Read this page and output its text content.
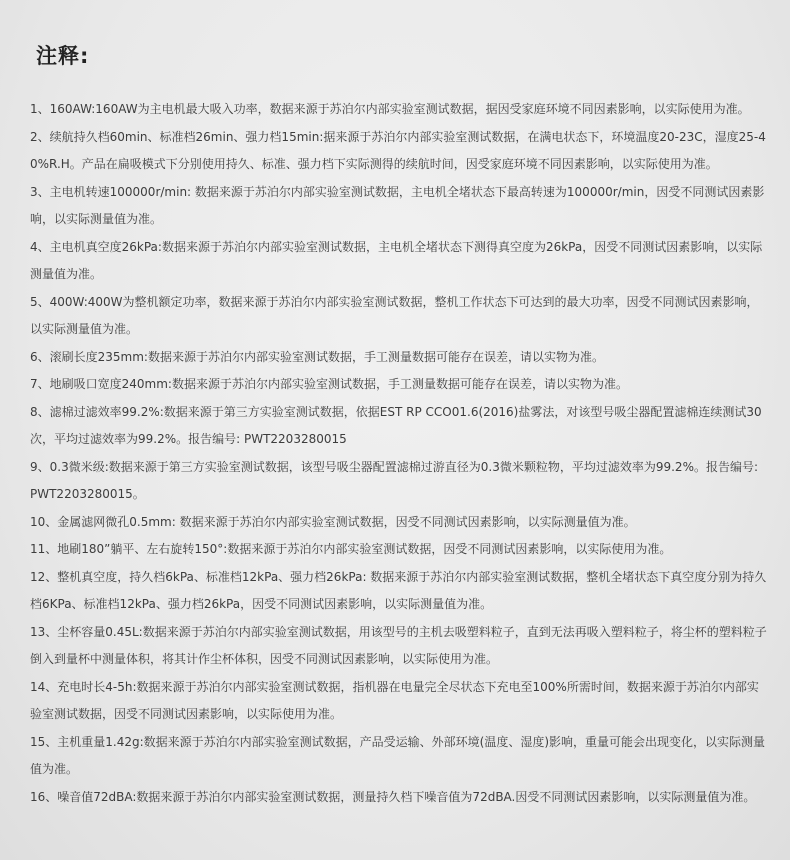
注释:
1、160AW:160AW为主电机最大吸入功率，数据来源于苏泊尔内部实验室测试数据，据因受家庭环境不同因素影响，以实际使用为准。
2、续航持久档60min、标准档26min、强力档15min:据来源于苏泊尔内部实验室测试数据，在满电状态下，环境温度20-23C，湿度25-40%R.H。产品在扁吸模式下分别使用持久、标准、强力档下实际测得的续航时间，因受家庭环境不同因素影响，以实际使用为准。
3、主电机转速100000r/min: 数据来源于苏泊尔内部实验室测试数据，主电机全堵状态下最高转速为100000r/min，因受不同测试因素影响，以实际测量值为准。
4、主电机真空度26kPa:数据来源于苏泊尔内部实验室测试数据，主电机全堵状态下测得真空度为26kPa，因受不同测试因素影响，以实际测量值为准。
5、400W:400W为整机额定功率，数据来源于苏泊尔内部实验室测试数据，整机工作状态下可达到的最大功率，因受不同测试因素影响，以实际测量值为准。
6、滚刷长度235mm:数据来源于苏泊尔内部实验室测试数据，手工测量数据可能存在误差，请以实物为准。
7、地刷吸口宽度240mm:数据来源于苏泊尔内部实验室测试数据，手工测量数据可能存在误差，请以实物为准。
8、滤棉过滤效率99.2%:数据来源于第三方实验室测试数据，依据EST RP CCO01.6(2016)盐雾法，对该型号吸尘器配置滤棉连续测试30次，平均过滤效率为99.2%。报告编号: PWT2203280015
9、0.3微米级:数据来源于第三方实验室测试数据，该型号吸尘器配置滤棉过游直径为0.3微米颗粒物，平均过滤效率为99.2%。报告编号: PWT2203280015。
10、金属滤网微孔0.5mm: 数据来源于苏泊尔内部实验室测试数据，因受不同测试因素影响，以实际测量值为准。
11、地刷180”躺平、左右旋转150°:数据来源于苏泊尔内部实验室测试数据，因受不同测试因素影响，以实际使用为准。
12、整机真空度，持久档6kPa、标准档12kPa、强力档26kPa: 数据来源于苏泊尔内部实验室测试数据，整机全堵状态下真空度分别为持久档6KPa、标准档12kPa、强力档26kPa，因受不同测试因素影响，以实际测量值为准。
13、尘杯容量0.45L:数据来源于苏泊尔内部实验室测试数据，用该型号的主机去吸塑料粒子，直到无法再吸入塑料粒子，将尘杯的塑料粒子倒入到量杯中测量体积，将其计作尘杯体积，因受不同测试因素影响，以实际使用为准。
14、充电时长4-5h:数据来源于苏泊尔内部实验室测试数据，指机器在电量完全尽状态下充电至100%所需时间，数据来源于苏泊尔内部实验室测试数据，因受不同测试因素影响，以实际使用为准。
15、主机重量1.42g:数据来源于苏泊尔内部实验室测试数据，产品受运输、外部环境(温度、湿度)影响，重量可能会出现变化，以实际测量值为准。
16、噪音值72dBA:数据来源于苏泊尔内部实验室测试数据，测量持久档下噪音值为72dBA.因受不同测试因素影响，以实际测量值为准。
